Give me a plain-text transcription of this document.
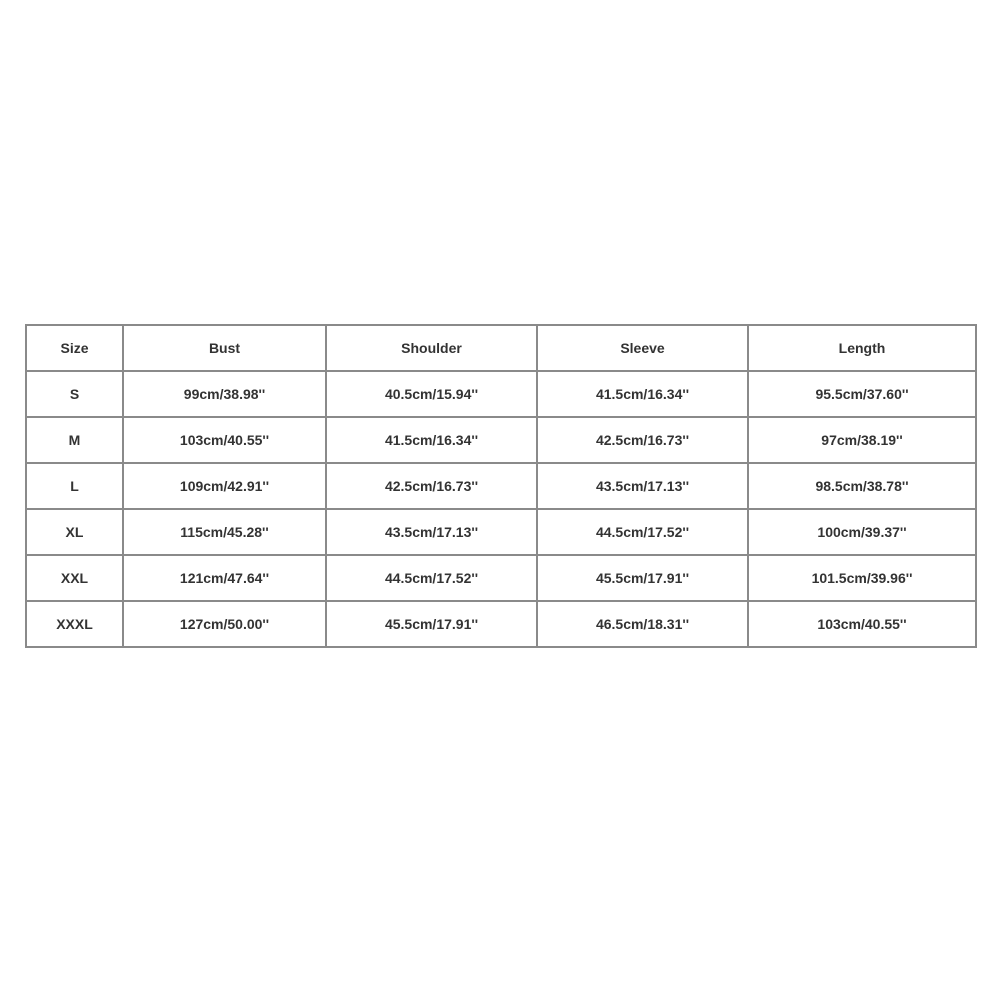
Size	Bust	Shoulder	Sleeve	Length
S	99cm/38.98''	40.5cm/15.94''	41.5cm/16.34''	95.5cm/37.60''
M	103cm/40.55''	41.5cm/16.34''	42.5cm/16.73''	97cm/38.19''
L	109cm/42.91''	42.5cm/16.73''	43.5cm/17.13''	98.5cm/38.78''
XL	115cm/45.28''	43.5cm/17.13''	44.5cm/17.52''	100cm/39.37''
XXL	121cm/47.64''	44.5cm/17.52''	45.5cm/17.91''	101.5cm/39.96''
XXXL	127cm/50.00''	45.5cm/17.91''	46.5cm/18.31''	103cm/40.55''
